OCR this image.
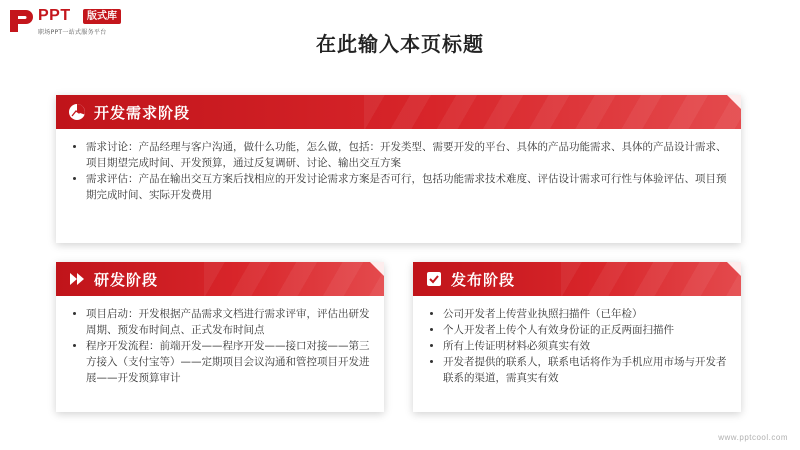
PPT	版式库
职场PPT一站式服务平台	在此输入本页标题
开发需求阶段
• 需求讨论：产品经理与客户沟通，做什么功能，怎么做，包括：开发类型、需要开发的平台、具体的产品功能需求、具体的产品设计需求、项目期望完成时间、开发预算，通过反复调研、讨论、输出交互方案
• 需求评估：产品在输出交互方案后找相应的开发讨论需求方案是否可行，包括功能需求技术难度、评估设计需求可行性与体验评估、项目预期完成时间、实际开发费用
研发阶段
• 项目启动：开发根据产品需求文档进行需求评审，评估出研发周期、预发布时间点、正式发布时间点
• 程序开发流程：前端开发——程序开发——接口对接——第三方接入（支付宝等）——定期项目会议沟通和管控项目开发进展——开发预算审计
发布阶段
• 公司开发者上传营业执照扫描件（已年检）
• 个人开发者上传个人有效身份证的正反两面扫描件
• 所有上传证明材料必须真实有效
• 开发者提供的联系人，联系电话将作为手机应用市场与开发者联系的渠道，需真实有效
www.pptcool.com
